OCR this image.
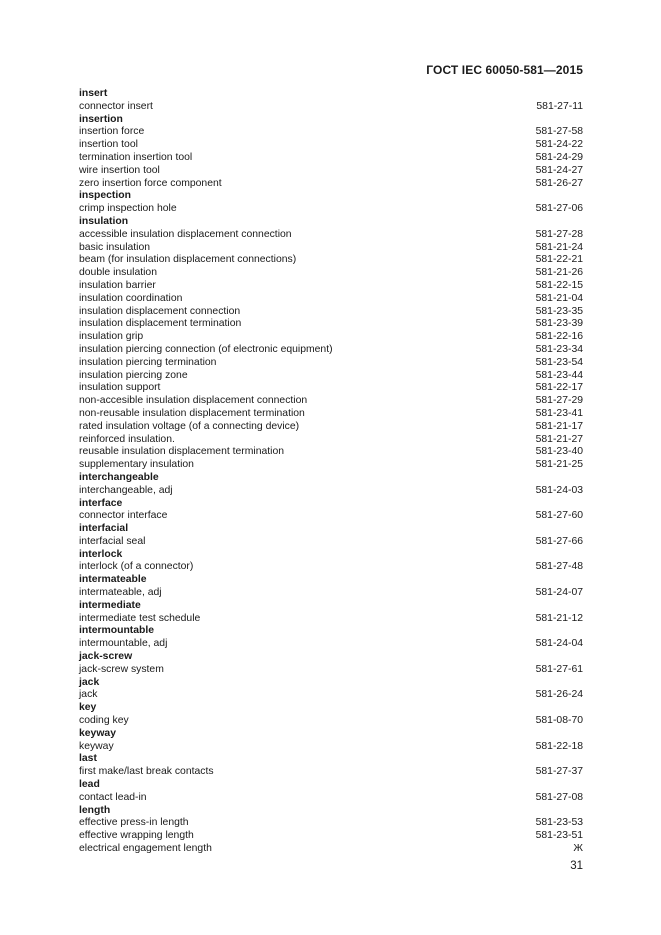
ГОСТ IEC 60050-581—2015
insert
connector insert	581-27-11
insertion
insertion force	581-27-58
insertion tool	581-24-22
termination insertion tool	581-24-29
wire insertion tool	581-24-27
zero insertion force component	581-26-27
inspection
crimp inspection hole	581-27-06
insulation
accessible insulation displacement connection	581-27-28
basic insulation	581-21-24
beam (for insulation displacement connections)	581-22-21
double insulation	581-21-26
insulation barrier	581-22-15
insulation coordination	581-21-04
insulation displacement connection	581-23-35
insulation displacement termination	581-23-39
insulation grip	581-22-16
insulation piercing connection (of electronic equipment)	581-23-34
insulation piercing termination	581-23-54
insulation piercing zone	581-23-44
insulation support	581-22-17
non-accesible insulation displacement connection	581-27-29
non-reusable insulation displacement termination	581-23-41
rated insulation voltage (of a connecting device)	581-21-17
reinforced insulation.	581-21-27
reusable insulation displacement termination	581-23-40
supplementary insulation	581-21-25
interchangeable
interchangeable, adj	581-24-03
interface
connector interface	581-27-60
interfacial
interfacial seal	581-27-66
interlock
interlock (of a connector)	581-27-48
intermateable
intermateable, adj	581-24-07
intermediate
intermediate test schedule	581-21-12
intermountable
intermountable, adj	581-24-04
jack-screw
jack-screw system	581-27-61
jack
jack	581-26-24
key
coding key	581-08-70
keyway
keyway	581-22-18
last
first make/last break contacts	581-27-37
lead
contact lead-in	581-27-08
length
effective press-in length	581-23-53
effective wrapping length	581-23-51
electrical engagement length	Ж
31
